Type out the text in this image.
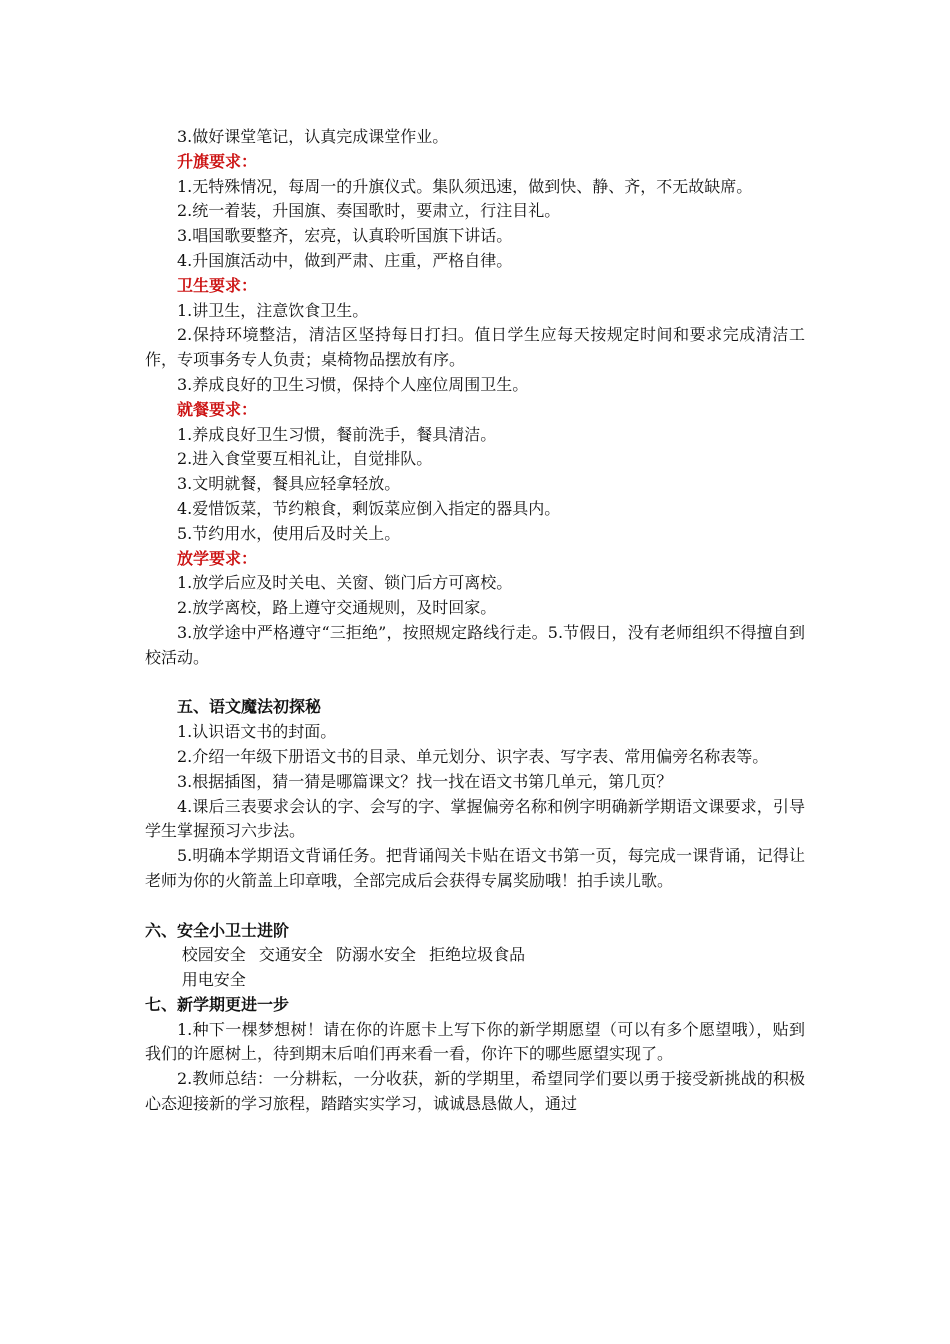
3.做好课堂笔记，认真完成课堂作业。

升旗要求：

1.无特殊情况，每周一的升旗仪式。集队须迅速，做到快、静、齐，不无故缺席。

2.统一着装，升国旗、奏国歌时，要肃立，行注目礼。

3.唱国歌要整齐，宏亮，认真聆听国旗下讲话。

4.升国旗活动中，做到严肃、庄重，严格自律。

卫生要求：

1.讲卫生，注意饮食卫生。

2.保持环境整洁，清洁区坚持每日打扫。值日学生应每天按规定时间和要求完成清洁工作，专项事务专人负责；桌椅物品摆放有序。

3.养成良好的卫生习惯，保持个人座位周围卫生。

就餐要求：

1.养成良好卫生习惯，餐前洗手，餐具清洁。

2.进入食堂要互相礼让，自觉排队。

3.文明就餐，餐具应轻拿轻放。

4.爱惜饭菜，节约粮食，剩饭菜应倒入指定的器具内。

5.节约用水，使用后及时关上。

放学要求：

1.放学后应及时关电、关窗、锁门后方可离校。

2.放学离校，路上遵守交通规则，及时回家。

3.放学途中严格遵守“三拒绝”，按照规定路线行走。5.节假日，没有老师组织不得擅自到校活动。

五、语文魔法初探秘

1.认识语文书的封面。

2.介绍一年级下册语文书的目录、单元划分、识字表、写字表、常用偏旁名称表等。

3.根据插图，猜一猜是哪篇课文？找一找在语文书第几单元，第几页？

4.课后三表要求会认的字、会写的字、掌握偏旁名称和例字明确新学期语文课要求，引导学生掌握预习六步法。

5.明确本学期语文背诵任务。把背诵闯关卡贴在语文书第一页，每完成一课背诵，记得让老师为你的火箭盖上印章哦，全部完成后会获得专属奖励哦！拍手读儿歌。

六、安全小卫士进阶

校园安全 交通安全 防溺水安全 拒绝垃圾食品

用电安全

七、新学期更进一步

1.种下一棵梦想树！请在你的许愿卡上写下你的新学期愿望（可以有多个愿望哦），贴到我们的许愿树上，待到期末后咱们再来看一看，你许下的哪些愿望实现了。

2.教师总结：一分耕耘，一分收获，新的学期里，希望同学们要以勇于接受新挑战的积极心态迎接新的学习旅程，踏踏实实学习，诚诚恳恳做人，通过
